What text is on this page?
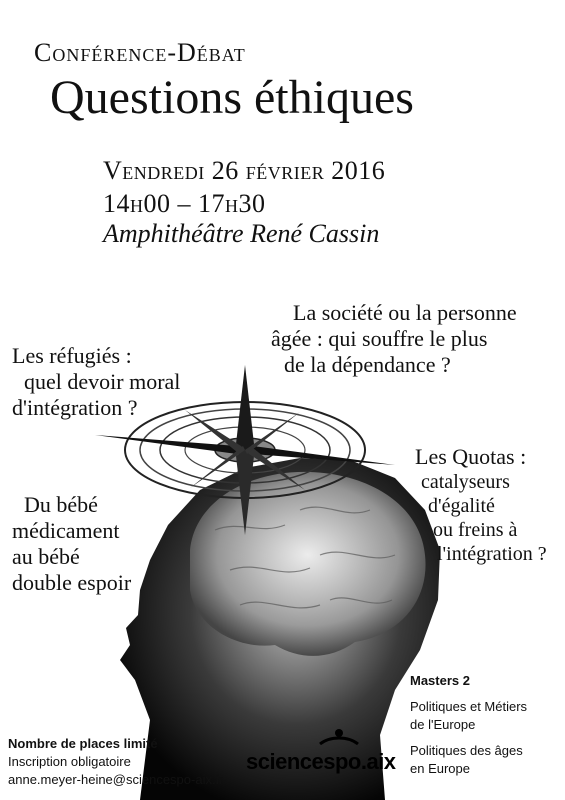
Conférence-Débat

Questions éthiques

Vendredi 26 février 2016

14h00 – 17h30

Amphithéâtre René Cassin

La société ou la personne

âgée : qui souffre le plus

de la dépendance ?

Les réfugiés :

quel devoir moral

d'intégration ?

Du bébé

médicament

au bébé

double espoir

Les Quotas :

catalyseurs

d'égalité

ou freins à

l'intégration ?

Masters 2

Politiques et Métiers

de l'Europe

Politiques des âges

en Europe

Nombre de places limité

Inscription obligatoire

anne.meyer-heine@sciencespo-aix.fr

sciencespo.aix
